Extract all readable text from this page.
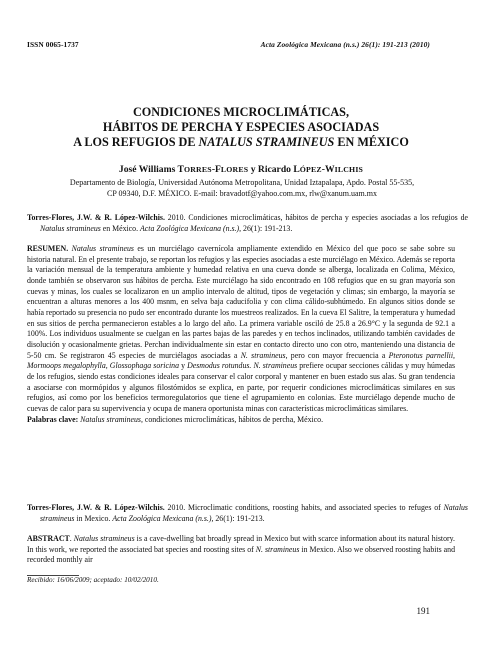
ISSN 0065-1737	Acta Zoológica Mexicana (n.s.) 26(1): 191-213 (2010)
CONDICIONES MICROCLIMÁTICAS,
HÁBITOS DE PERCHA Y ESPECIES ASOCIADAS
A LOS REFUGIOS DE NATALUS STRAMINEUS EN MÉXICO
José Williams TORRES-FLORES y Ricardo LÓPEZ-WILCHIS
Departamento de Biología, Universidad Autónoma Metropolitana, Unidad Iztapalapa, Apdo. Postal 55-535,
CP 09340, D.F. MÉXICO. E-mail: bravadotf@yahoo.com.mx, rlw@xanum.uam.mx

Torres-Flores, J.W. & R. López-Wilchis. 2010. Condiciones microclimáticas, hábitos de percha y especies asociadas a los refugios de Natalus stramineus en México. Acta Zoológica Mexicana (n.s.), 26(1): 191-213.

RESUMEN. Natalus stramineus es un murciélago cavernícola ampliamente extendido en México del que poco se sabe sobre su historia natural. En el presente trabajo, se reportan los refugios y las especies asociadas a este murciélago en México. Además se reporta la variación mensual de la temperatura ambiente y humedad relativa en una cueva donde se alberga, localizada en Colima, México, donde también se observaron sus hábitos de percha. Este murciélago ha sido encontrado en 108 refugios que en su gran mayoría son cuevas y minas, los cuales se localizaron en un amplio intervalo de altitud, tipos de vegetación y climas; sin embargo, la mayoría se encuentran a alturas menores a los 400 msnm, en selva baja caducifolia y con clima cálido-subhúmedo. En algunos sitios donde se había reportado su presencia no pudo ser encontrado durante los muestreos realizados. En la cueva El Salitre, la temperatura y humedad en sus sitios de percha permanecieron estables a lo largo del año. La primera variable osciló de 25.8 a 26.9°C y la segunda de 92.1 a 100%. Los individuos usualmente se cuelgan en las partes bajas de las paredes y en techos inclinados, utilizando también cavidades de disolución y ocasionalmente grietas. Perchan individualmente sin estar en contacto directo uno con otro, manteniendo una distancia de 5-50 cm. Se registraron 45 especies de murciélagos asociadas a N. stramineus, pero con mayor frecuencia a Pteronotus parnellii, Mormoops megalophylla, Glossophaga soricina y Desmodus rotundus. N. stramineus prefiere ocupar secciones cálidas y muy húmedas de los refugios, siendo estas condiciones ideales para conservar el calor corporal y mantener en buen estado sus alas. Su gran tendencia a asociarse con mormópidos y algunos filostómidos se explica, en parte, por requerir condiciones microclimáticas similares en sus refugios, así como por los beneficios termoregulatorios que tiene el agrupamiento en colonias. Este murciélago depende mucho de cuevas de calor para su supervivencia y ocupa de manera oportunista minas con características microclimáticas similares.

Palabras clave: Natalus stramineus, condiciones microclimáticas, hábitos de percha, México.

Torres-Flores, J.W. & R. López-Wilchis. 2010. Microclimatic conditions, roosting habits, and associated species to refuges of Natalus stramineus in Mexico. Acta Zoológica Mexicana (n.s.), 26(1): 191-213.

ABSTRACT. Natalus stramineus is a cave-dwelling bat broadly spread in Mexico but with scarce information about its natural history. In this work, we reported the associated bat species and roosting sites of N. stramineus in Mexico. Also we observed roosting habits and recorded monthly air

Recibido: 16/06/2009; aceptado: 10/02/2010.
191
